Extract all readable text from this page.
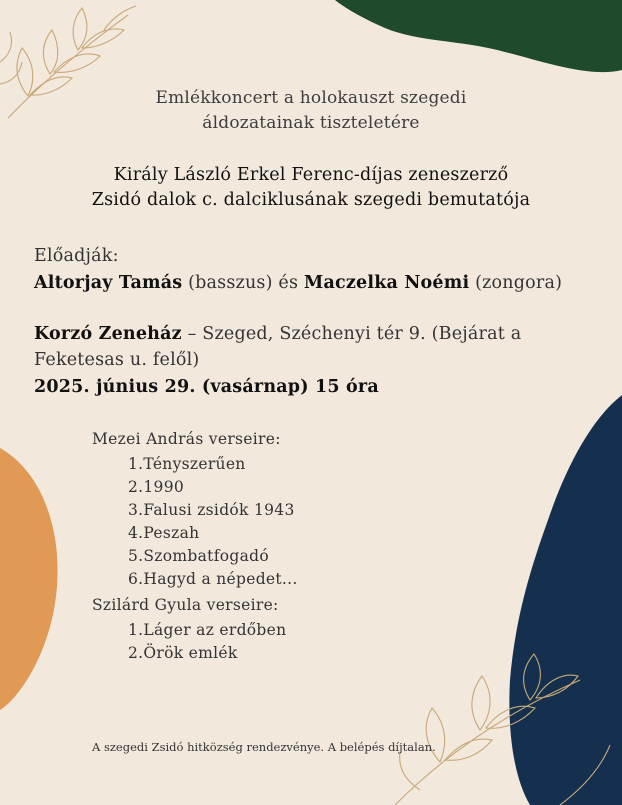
Emlékkoncert a holokauszt szegedi
áldozatainak tiszteletére
Király László Erkel Ferenc-díjas zeneszerző
Zsidó dalok c. dalciklusának szegedi bemutatója
Előadják:
Altorjay Tamás (basszus) és Maczelka Noémi (zongora)
Korzó Zeneház – Szeged, Széchenyi tér 9. (Bejárat a
Feketesas u. felől)
2025. június 29. (vasárnap) 15 óra
Mezei András verseire:
1.Tényszerűen
2.1990
3.Falusi zsidók 1943
4.Peszah
5.Szombatfogadó
6.Hagyd a népedet...
Szilárd Gyula verseire:
1.Láger az erdőben
2.Örök emlék
A szegedi Zsidó hitközség rendezvénye. A belépés díjtalan.
